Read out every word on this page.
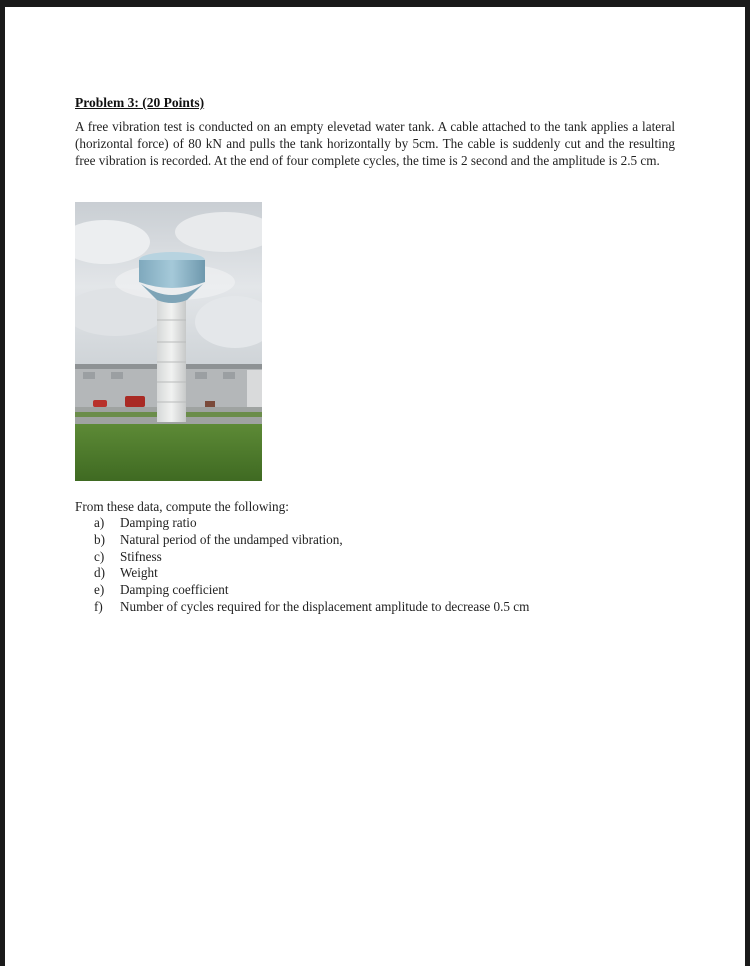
Problem 3: (20 Points)

A free vibration test is conducted on an empty elevetad water tank. A cable attached to the tank applies a lateral (horizontal force) of 80 kN and pulls the tank horizontally by 5cm. The cable is suddenly cut and the resulting free vibration is recorded. At the end of four complete cycles, the time is 2 second and the amplitude is 2.5 cm.

From these data, compute the following:
a) Damping ratio
b) Natural period of the undamped vibration,
c) Stifness
d) Weight
e) Damping coefficient
f) Number of cycles required for the displacement amplitude to decrease 0.5 cm
